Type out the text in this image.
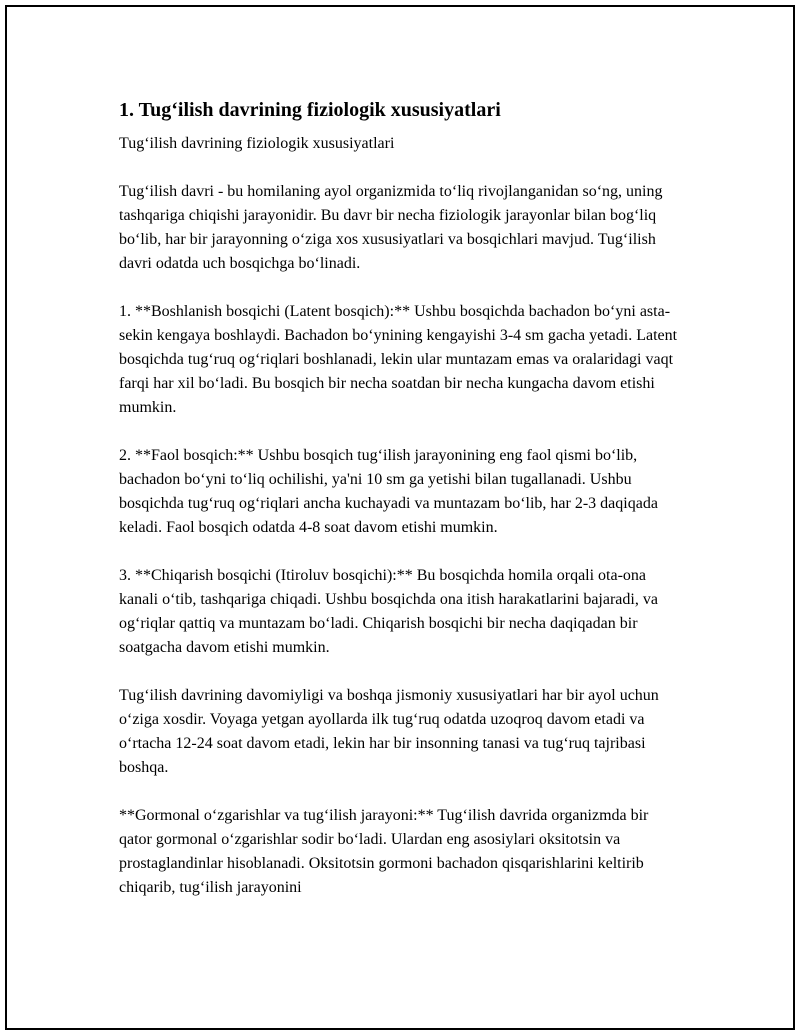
1. Tug‘ilish davrining fiziologik xususiyatlari

Tug‘ilish davrining fiziologik xususiyatlari

Tug‘ilish davri - bu homilaning ayol organizmida to‘liq rivojlanganidan so‘ng, uning tashqariga chiqishi jarayonidir. Bu davr bir necha fiziologik jarayonlar bilan bog‘liq bo‘lib, har bir jarayonning o‘ziga xos xususiyatlari va bosqichlari mavjud. Tug‘ilish davri odatda uch bosqichga bo‘linadi.

1. **Boshlanish bosqichi (Latent bosqich):** Ushbu bosqichda bachadon bo‘yni asta-sekin kengaya boshlaydi. Bachadon bo‘ynining kengayishi 3-4 sm gacha yetadi. Latent bosqichda tug‘ruq og‘riqlari boshlanadi, lekin ular muntazam emas va oralaridagi vaqt farqi har xil bo‘ladi. Bu bosqich bir necha soatdan bir necha kungacha davom etishi mumkin.

2. **Faol bosqich:** Ushbu bosqich tug‘ilish jarayonining eng faol qismi bo‘lib, bachadon bo‘yni to‘liq ochilishi, ya'ni 10 sm ga yetishi bilan tugallanadi. Ushbu bosqichda tug‘ruq og‘riqlari ancha kuchayadi va muntazam bo‘lib, har 2-3 daqiqada keladi. Faol bosqich odatda 4-8 soat davom etishi mumkin.

3. **Chiqarish bosqichi (Itiroluv bosqichi):** Bu bosqichda homila orqali ota-ona kanali o‘tib, tashqariga chiqadi. Ushbu bosqichda ona itish harakatlarini bajaradi, va og‘riqlar qattiq va muntazam bo‘ladi. Chiqarish bosqichi bir necha daqiqadan bir soatgacha davom etishi mumkin.

Tug‘ilish davrining davomiyligi va boshqa jismoniy xususiyatlari har bir ayol uchun o‘ziga xosdir. Voyaga yetgan ayollarda ilk tug‘ruq odatda uzoqroq davom etadi va o‘rtacha 12-24 soat davom etadi, lekin har bir insonning tanasi va tug‘ruq tajribasi boshqa.

**Gormonal o‘zgarishlar va tug‘ilish jarayoni:** Tug‘ilish davrida organizmda bir qator gormonal o‘zgarishlar sodir bo‘ladi. Ulardan eng asosiylari oksitotsin va prostaglandinlar hisoblanadi. Oksitotsin gormoni bachadon qisqarishlarini keltirib chiqarib, tug‘ilish jarayonini
